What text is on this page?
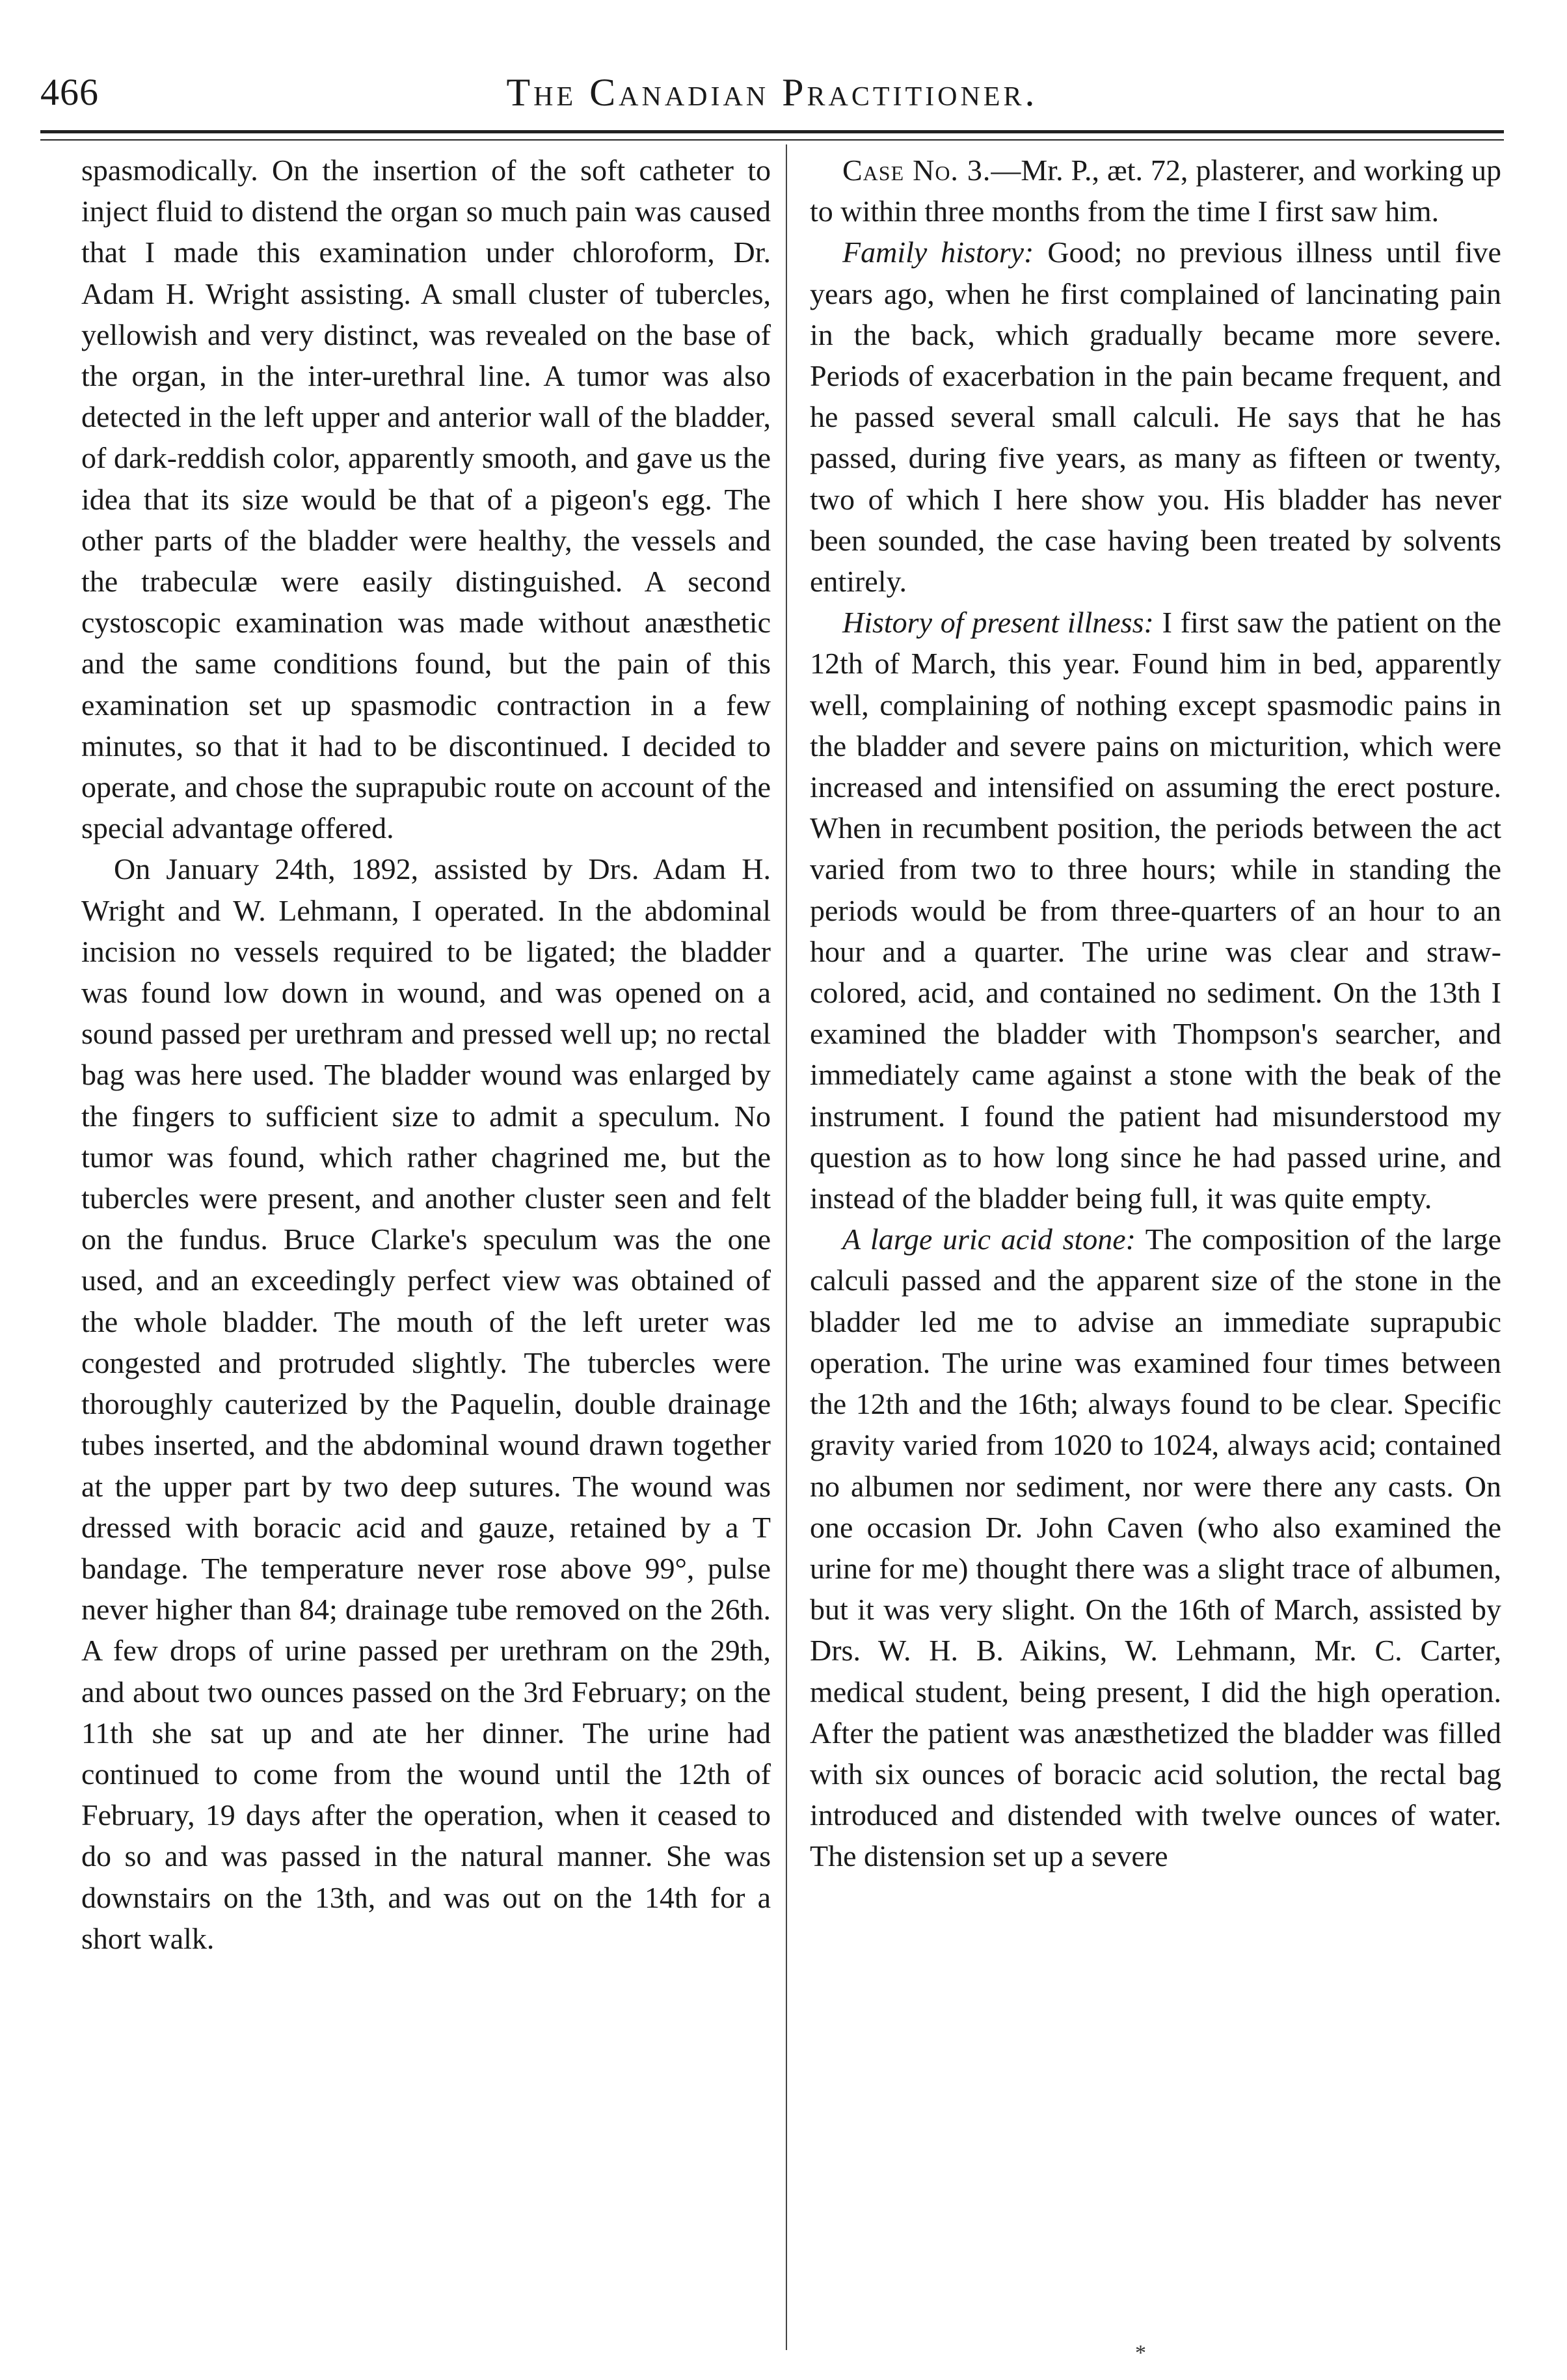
466	The Canadian Practitioner.

spasmodically. On the insertion of the soft catheter to inject fluid to distend the organ so much pain was caused that I made this examination under chloroform, Dr. Adam H. Wright assisting. A small cluster of tubercles, yellowish and very distinct, was revealed on the base of the organ, in the inter-urethral line. A tumor was also detected in the left upper and anterior wall of the bladder, of dark-reddish color, apparently smooth, and gave us the idea that its size would be that of a pigeon's egg. The other parts of the bladder were healthy, the vessels and the trabeculæ were easily distinguished. A second cystoscopic examination was made without anæsthetic and the same conditions found, but the pain of this examination set up spasmodic contraction in a few minutes, so that it had to be discontinued. I decided to operate, and chose the suprapubic route on account of the special advantage offered.

On January 24th, 1892, assisted by Drs. Adam H. Wright and W. Lehmann, I operated. In the abdominal incision no vessels required to be ligated; the bladder was found low down in wound, and was opened on a sound passed per urethram and pressed well up; no rectal bag was here used. The bladder wound was enlarged by the fingers to sufficient size to admit a speculum. No tumor was found, which rather chagrined me, but the tubercles were present, and another cluster seen and felt on the fundus. Bruce Clarke's speculum was the one used, and an exceedingly perfect view was obtained of the whole bladder. The mouth of the left ureter was congested and protruded slightly. The tubercles were thoroughly cauterized by the Paquelin, double drainage tubes inserted, and the abdominal wound drawn together at the upper part by two deep sutures. The wound was dressed with boracic acid and gauze, retained by a T bandage. The temperature never rose above 99°, pulse never higher than 84; drainage tube removed on the 26th. A few drops of urine passed per urethram on the 29th, and about two ounces passed on the 3rd February; on the 11th she sat up and ate her dinner. The urine had continued to come from the wound until the 12th of February, 19 days after the operation, when it ceased to do so and was passed in the natural manner. She was downstairs on the 13th, and was out on the 14th for a short walk.

Case No. 3.—Mr. P., æt. 72, plasterer, and working up to within three months from the time I first saw him.

Family history: Good; no previous illness until five years ago, when he first complained of lancinating pain in the back, which gradually became more severe. Periods of exacerbation in the pain became frequent, and he passed several small calculi. He says that he has passed, during five years, as many as fifteen or twenty, two of which I here show you. His bladder has never been sounded, the case having been treated by solvents entirely.

History of present illness: I first saw the patient on the 12th of March, this year. Found him in bed, apparently well, complaining of nothing except spasmodic pains in the bladder and severe pains on micturition, which were increased and intensified on assuming the erect posture. When in recumbent position, the periods between the act varied from two to three hours; while in standing the periods would be from three-quarters of an hour to an hour and a quarter. The urine was clear and straw-colored, acid, and contained no sediment. On the 13th I examined the bladder with Thompson's searcher, and immediately came against a stone with the beak of the instrument. I found the patient had misunderstood my question as to how long since he had passed urine, and instead of the bladder being full, it was quite empty.

A large uric acid stone: The composition of the large calculi passed and the apparent size of the stone in the bladder led me to advise an immediate suprapubic operation. The urine was examined four times between the 12th and the 16th; always found to be clear. Specific gravity varied from 1020 to 1024, always acid; contained no albumen nor sediment, nor were there any casts. On one occasion Dr. John Caven (who also examined the urine for me) thought there was a slight trace of albumen, but it was very slight. On the 16th of March, assisted by Drs. W. H. B. Aikins, W. Lehmann, Mr. C. Carter, medical student, being present, I did the high operation. After the patient was anæsthetized the bladder was filled with six ounces of boracic acid solution, the rectal bag introduced and distended with twelve ounces of water. The distension set up a severe

*
